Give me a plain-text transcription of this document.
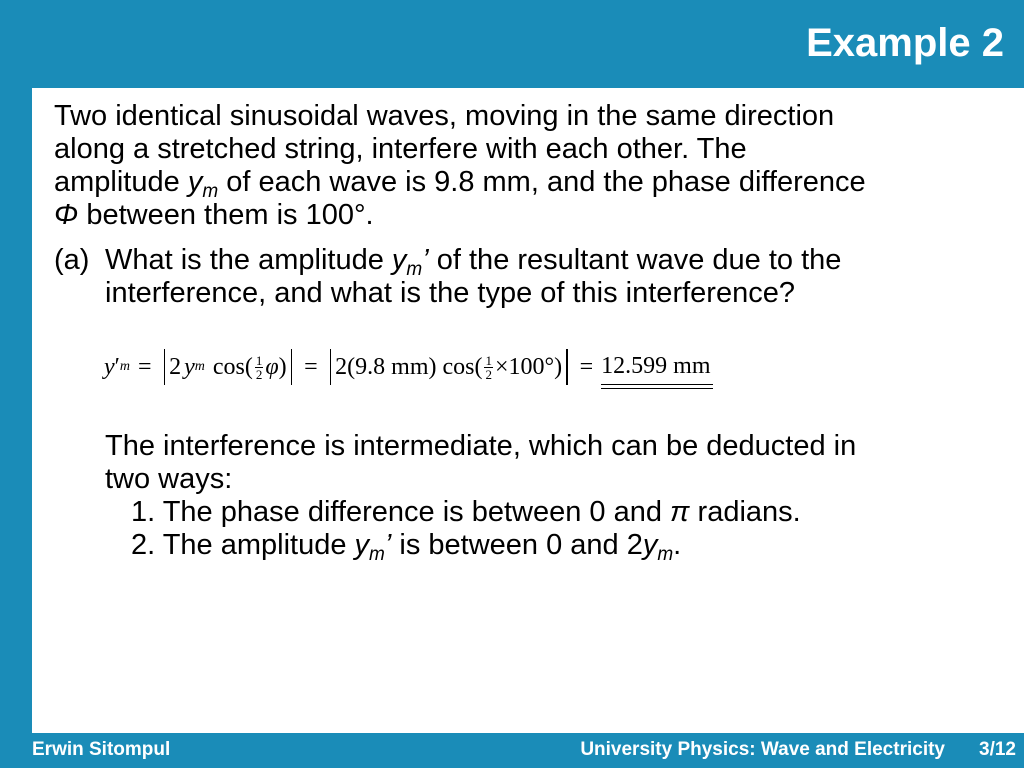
Example 2

Two identical sinusoidal waves, moving in the same direction

along a stretched string, interfere with each other. The

amplitude $y_m$ of each wave is 9.8 mm, and the phase difference

Φ between them is 100°.

(a) What is the amplitude $y_m$’ of the resultant wave due to the
interference, and what is the type of this interference?
y ′ m = 2 y m $\cos( \frac{1}{2}$ φ ) = 2(9.8 mm) $\cos( \frac{1}{2} \times 100^\circ) = 12.599$ mm
The interference is intermediate, which can be deducted in
two ways:
1. The phase difference is between 0 and π radians.
2. The amplitude $y_m$’ is between 0 and $2y_m$.
Erwin Sitompul	University Physics: Wave and Electricity 3/12
